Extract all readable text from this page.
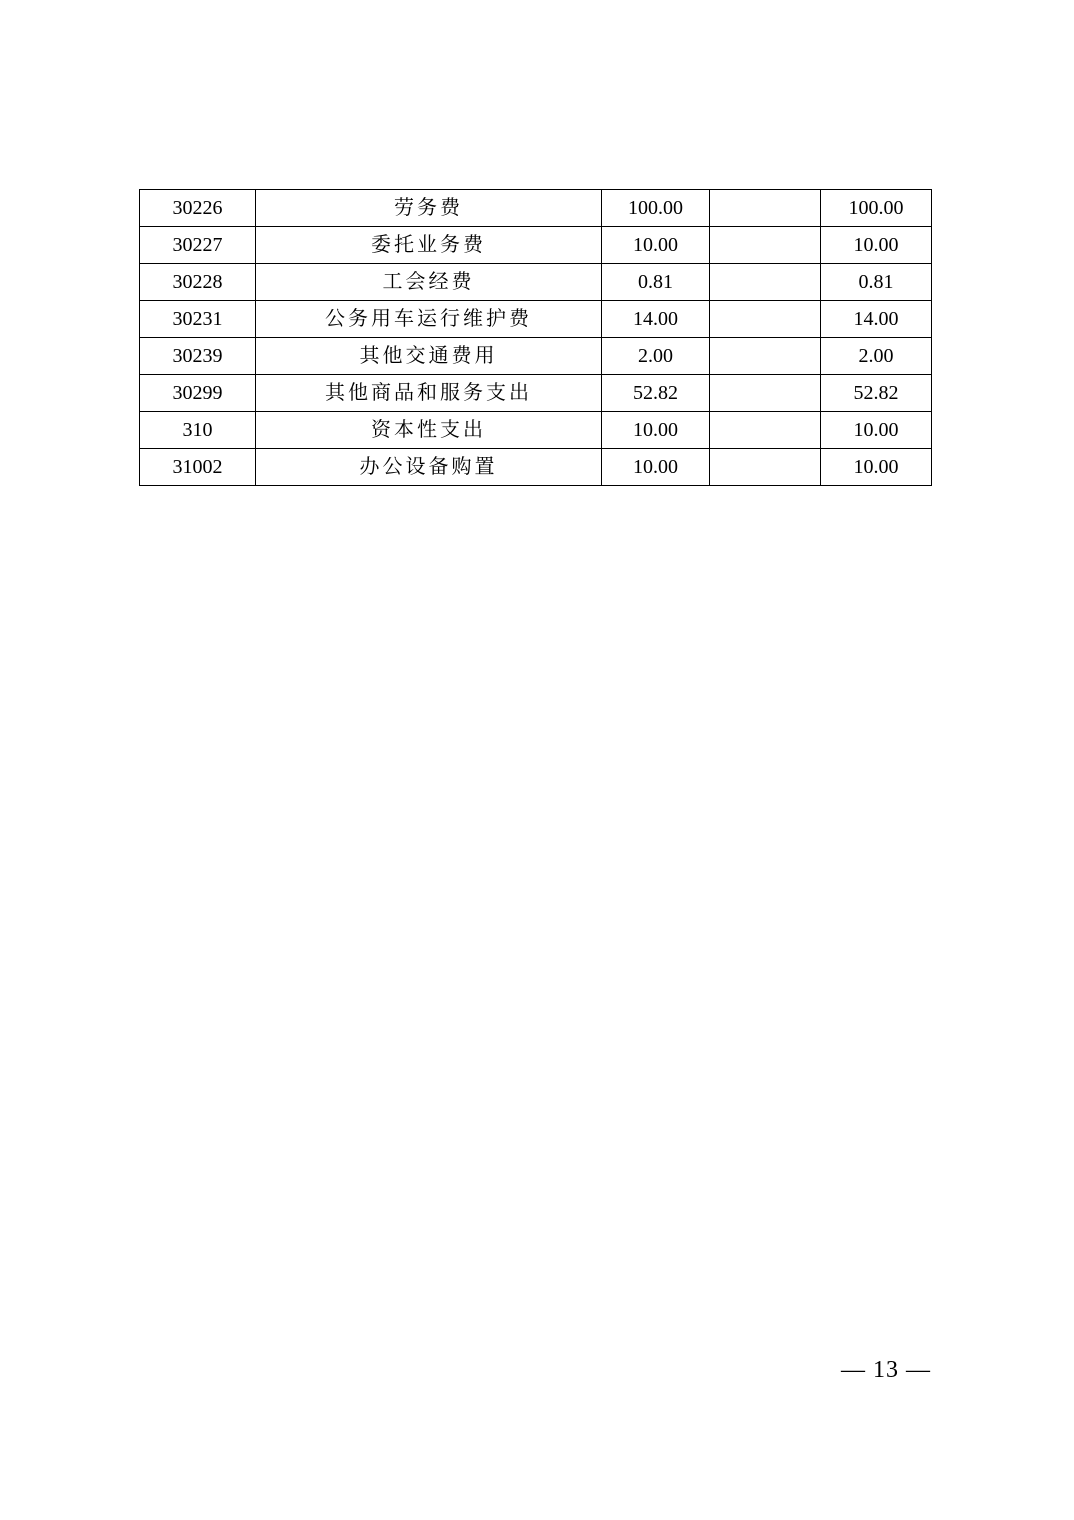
30226	劳务费	100.00		100.00
30227	委托业务费	10.00		10.00
30228	工会经费	0.81		0.81
30231	公务用车运行维护费	14.00		14.00
30239	其他交通费用	2.00		2.00
30299	其他商品和服务支出	52.82		52.82
310	资本性支出	10.00		10.00
31002	办公设备购置	10.00		10.00
— 13 —
